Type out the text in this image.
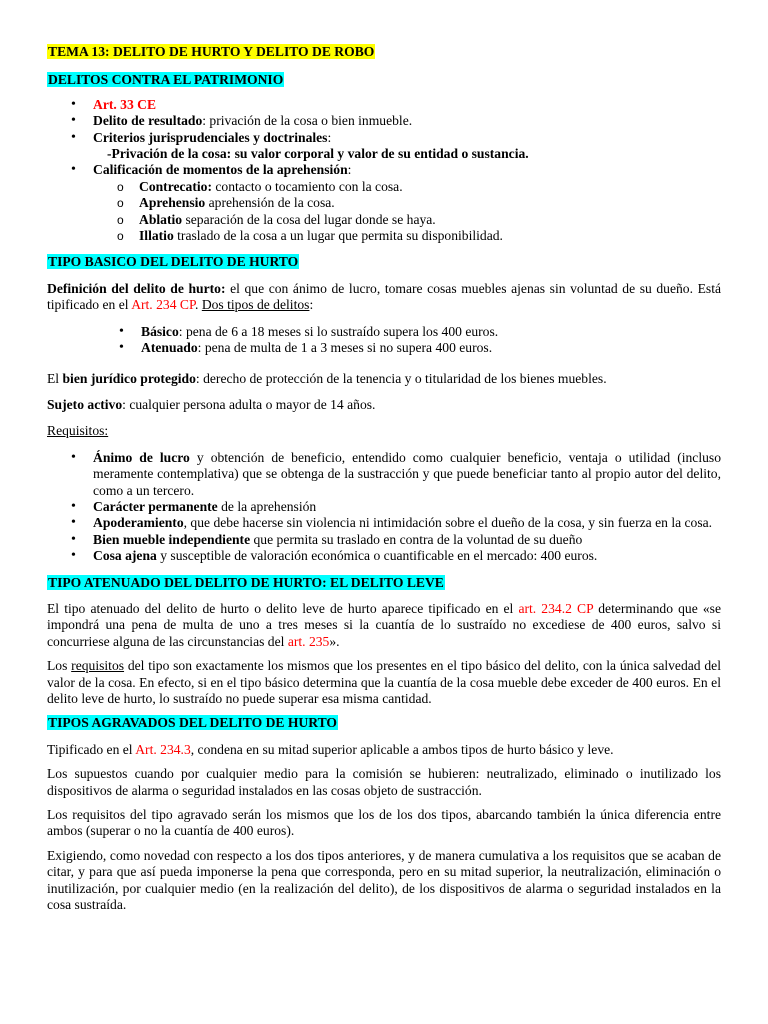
TEMA 13: DELITO DE HURTO Y DELITO DE ROBO
DELITOS CONTRA EL PATRIMONIO
• Art. 33 CE
• Delito de resultado: privación de la cosa o bien inmueble.
• Criterios jurisprudenciales y doctrinales:
-Privación de la cosa: su valor corporal y valor de su entidad o sustancia.
• Calificación de momentos de la aprehensión:
o Contrecatio: contacto o tocamiento con la cosa.
o Aprehensio aprehensión de la cosa.
o Ablatio separación de la cosa del lugar donde se haya.
o Illatio traslado de la cosa a un lugar que permita su disponibilidad.
TIPO BASICO DEL DELITO DE HURTO

Definición del delito de hurto: el que con ánimo de lucro, tomare cosas muebles ajenas sin voluntad de su dueño. Está tipificado en el Art. 234 CP. Dos tipos de delitos:

• Básico: pena de 6 a 18 meses si lo sustraído supera los 400 euros.
• Atenuado: pena de multa de 1 a 3 meses si no supera 400 euros.

El bien jurídico protegido: derecho de protección de la tenencia y o titularidad de los bienes muebles.

Sujeto activo: cualquier persona adulta o mayor de 14 años.

Requisitos:

• Ánimo de lucro y obtención de beneficio, entendido como cualquier beneficio, ventaja o utilidad (incluso meramente contemplativa) que se obtenga de la sustracción y que puede beneficiar tanto al propio autor del delito, como a un tercero.
• Carácter permanente de la aprehensión
• Apoderamiento, que debe hacerse sin violencia ni intimidación sobre el dueño de la cosa, y sin fuerza en la cosa.
• Bien mueble independiente que permita su traslado en contra de la voluntad de su dueño
• Cosa ajena y susceptible de valoración económica o cuantificable en el mercado: 400 euros.
TIPO ATENUADO DEL DELITO DE HURTO: EL DELITO LEVE

El tipo atenuado del delito de hurto o delito leve de hurto aparece tipificado en el art. 234.2 CP determinando que «se impondrá una pena de multa de uno a tres meses si la cuantía de lo sustraído no excediese de 400 euros, salvo si concurriese alguna de las circunstancias del art. 235».

Los requisitos del tipo son exactamente los mismos que los presentes en el tipo básico del delito, con la única salvedad del valor de la cosa. En efecto, si en el tipo básico determina que la cuantía de la cosa mueble debe exceder de 400 euros. En el delito leve de hurto, lo sustraído no puede superar esa misma cantidad.

TIPOS AGRAVADOS DEL DELITO DE HURTO

Tipificado en el Art. 234.3, condena en su mitad superior aplicable a ambos tipos de hurto básico y leve.

Los supuestos cuando por cualquier medio para la comisión se hubieren: neutralizado, eliminado o inutilizado los dispositivos de alarma o seguridad instalados en las cosas objeto de sustracción.

Los requisitos del tipo agravado serán los mismos que los de los dos tipos, abarcando también la única diferencia entre ambos (superar o no la cuantía de 400 euros).

Exigiendo, como novedad con respecto a los dos tipos anteriores, y de manera cumulativa a los requisitos que se acaban de citar, y para que así pueda imponerse la pena que corresponda, pero en su mitad superior, la neutralización, eliminación o inutilización, por cualquier medio (en la realización del delito), de los dispositivos de alarma o seguridad instalados en la cosa sustraída.
